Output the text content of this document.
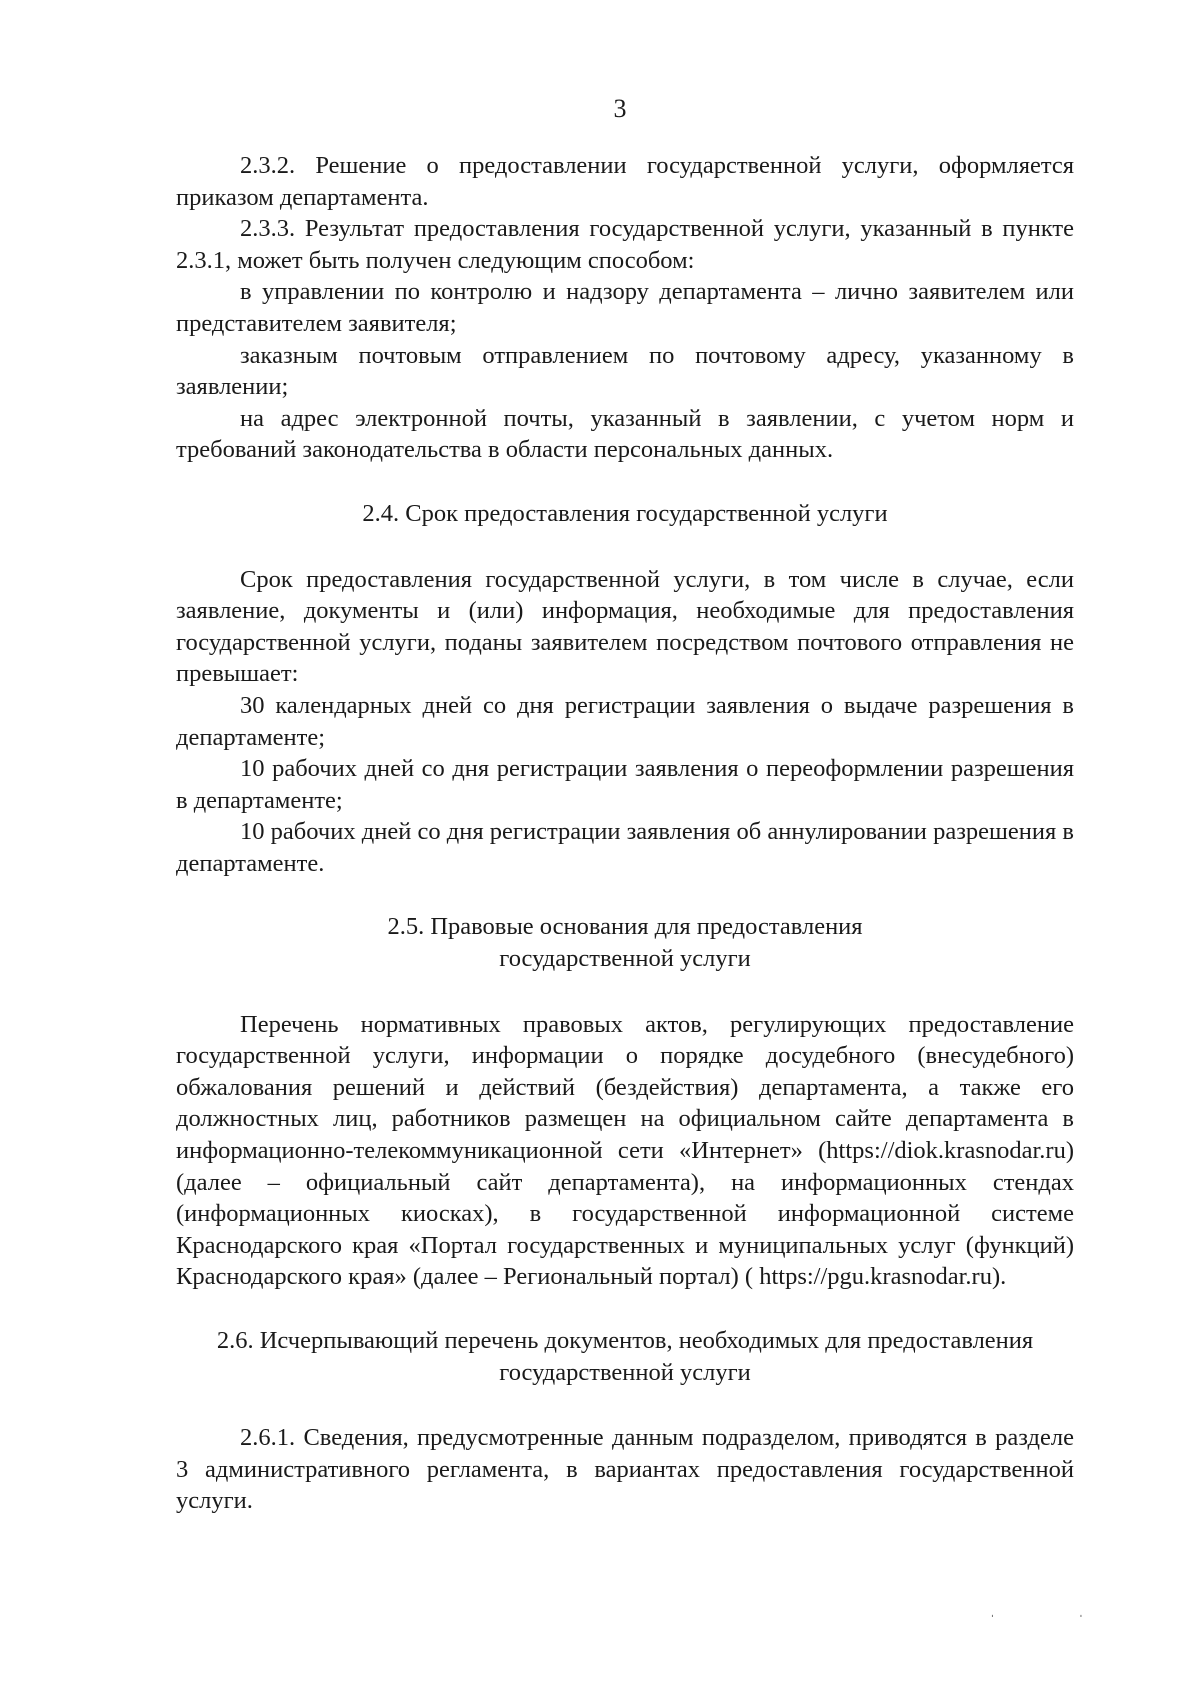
3

2.3.2. Решение о предоставлении государственной услуги, оформляется приказом департамента.

2.3.3. Результат предоставления государственной услуги, указанный в пункте 2.3.1, может быть получен следующим способом:

в управлении по контролю и надзору департамента – лично заявителем или представителем заявителя;

заказным почтовым отправлением по почтовому адресу, указанному в заявлении;

на адрес электронной почты, указанный в заявлении, с учетом норм и требований законодательства в области персональных данных.

2.4. Срок предоставления государственной услуги

Срок предоставления государственной услуги, в том числе в случае, если заявление, документы и (или) информация, необходимые для предоставления государственной услуги, поданы заявителем посредством почтового отправления не превышает:

30 календарных дней со дня регистрации заявления о выдаче разрешения в департаменте;

10 рабочих дней со дня регистрации заявления о переоформлении разрешения в департаменте;

10 рабочих дней со дня регистрации заявления об аннулировании разрешения в департаменте.

2.5. Правовые основания для предоставления
государственной услуги

Перечень нормативных правовых актов, регулирующих предоставление государственной услуги, информации о порядке досудебного (внесудебного) обжалования решений и действий (бездействия) департамента, а также его должностных лиц, работников размещен на официальном сайте департамента в информационно-телекоммуникационной сети «Интернет» (https://diok.krasnodar.ru) (далее – официальный сайт департамента), на информационных стендах (информационных киосках), в государственной информационной системе Краснодарского края «Портал государственных и муниципальных услуг (функций) Краснодарского края» (далее – Региональный портал) ( https://pgu.krasnodar.ru).

2.6. Исчерпывающий перечень документов, необходимых для предоставления
государственной услуги

2.6.1. Сведения, предусмотренные данным подразделом, приводятся в разделе 3 административного регламента, в вариантах предоставления государственной услуги.

ˌ	ˌ
